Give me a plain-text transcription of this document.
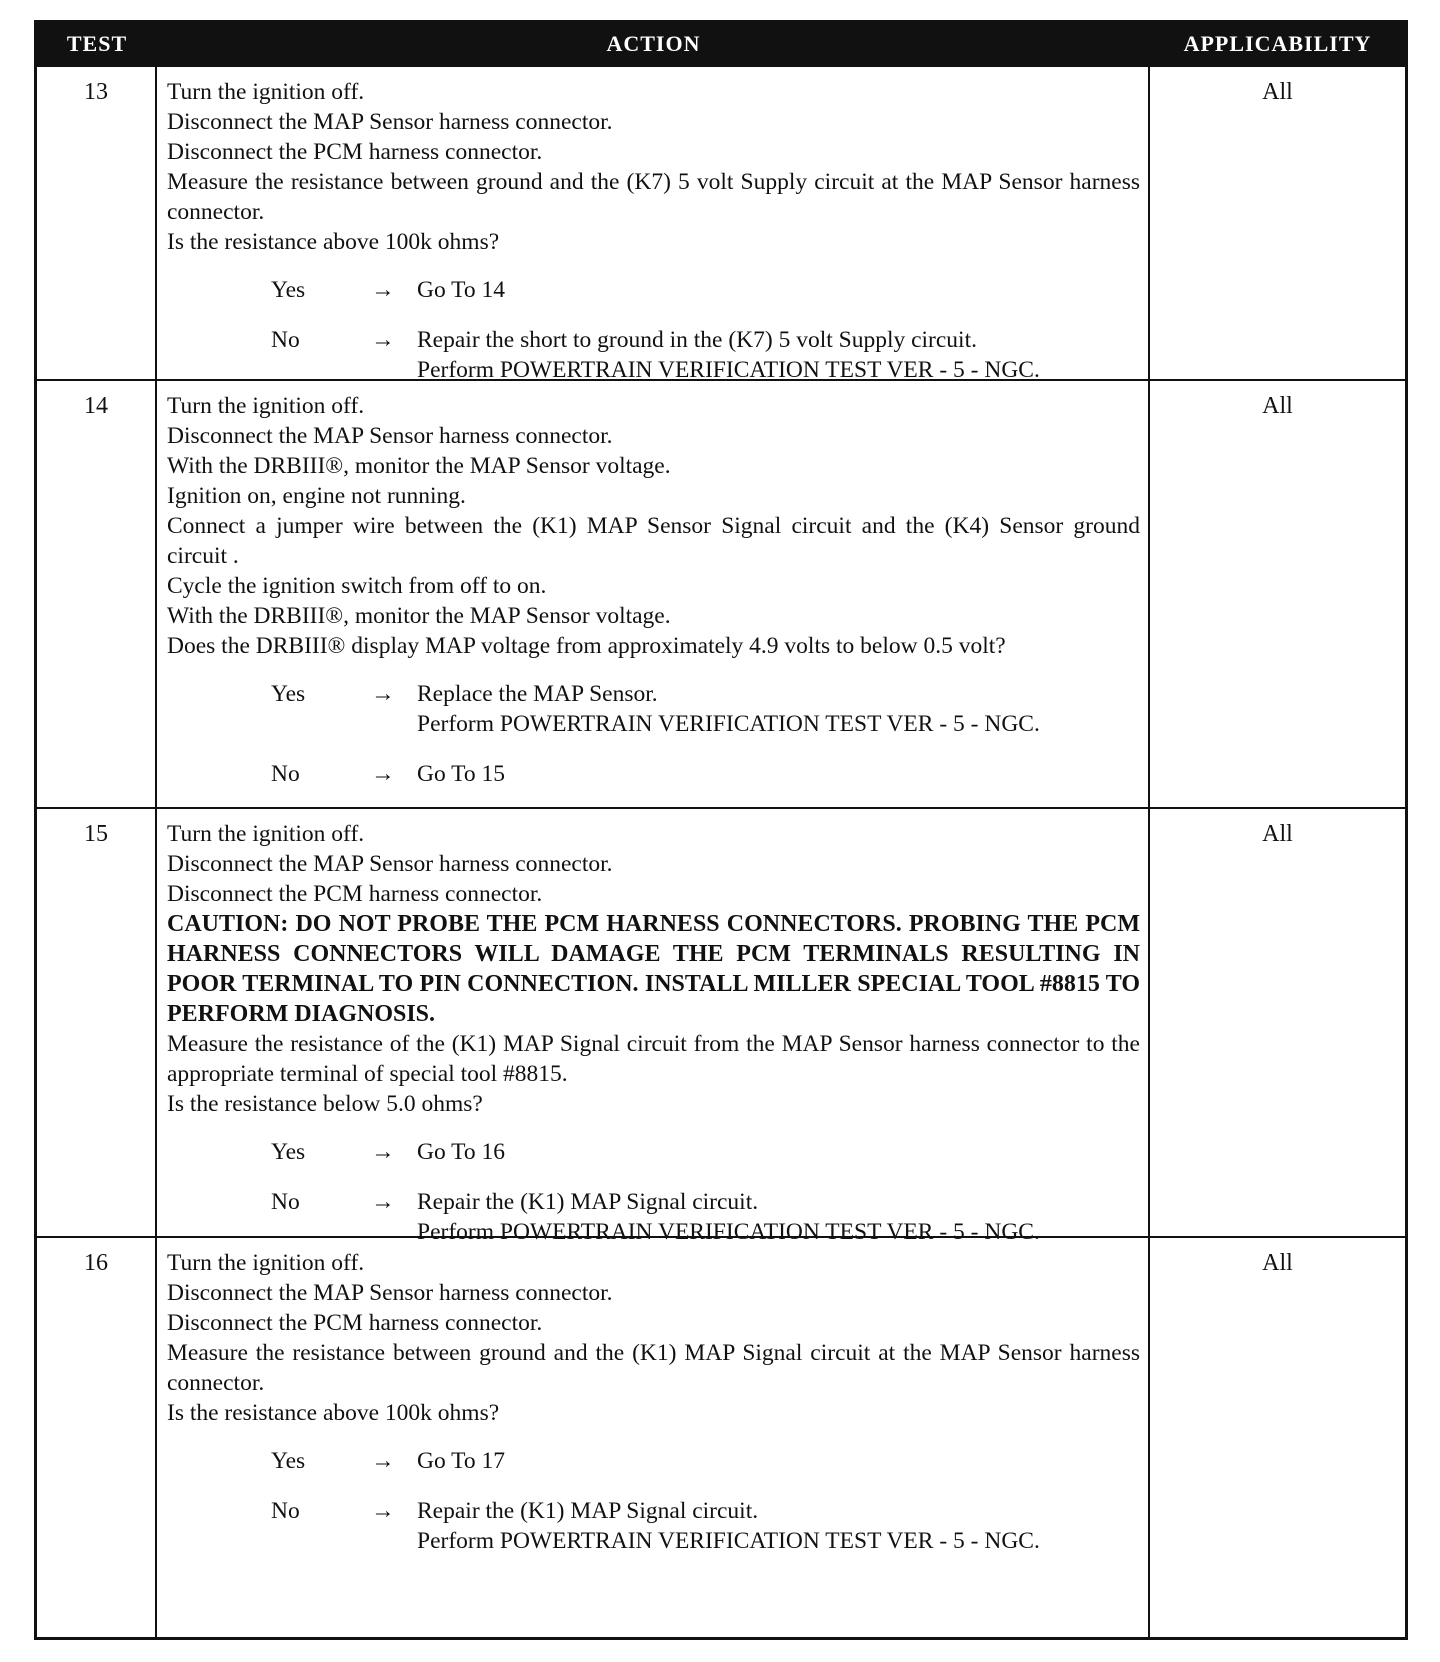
TEST	ACTION	APPLICABILITY
13	Turn the ignition off.
Disconnect the MAP Sensor harness connector.
Disconnect the PCM harness connector.
Measure the resistance between ground and the (K7) 5 volt Supply circuit at the MAP Sensor harness connector.
Is the resistance above 100k ohms?
Yes	→ Go To 14
No	→ Repair the short to ground in the (K7) 5 volt Supply circuit.
Perform POWERTRAIN VERIFICATION TEST VER - 5 - NGC.
All
14	Turn the ignition off.
Disconnect the MAP Sensor harness connector.
With the DRBIII®, monitor the MAP Sensor voltage.
Ignition on, engine not running.
Connect a jumper wire between the (K1) MAP Sensor Signal circuit and the (K4) Sensor ground circuit .
Cycle the ignition switch from off to on.
With the DRBIII®, monitor the MAP Sensor voltage.
Does the DRBIII® display MAP voltage from approximately 4.9 volts to below 0.5 volt?
Yes	→ Replace the MAP Sensor.
Perform POWERTRAIN VERIFICATION TEST VER - 5 - NGC.
No	→ Go To 15
All
15	Turn the ignition off.
Disconnect the MAP Sensor harness connector.
Disconnect the PCM harness connector.
CAUTION: DO NOT PROBE THE PCM HARNESS CONNECTORS. PROBING THE PCM HARNESS CONNECTORS WILL DAMAGE THE PCM TERMINALS RESULTING IN POOR TERMINAL TO PIN CONNECTION. INSTALL MILLER SPECIAL TOOL #8815 TO PERFORM DIAGNOSIS.
Measure the resistance of the (K1) MAP Signal circuit from the MAP Sensor harness connector to the appropriate terminal of special tool #8815.
Is the resistance below 5.0 ohms?
Yes	→ Go To 16
No	→ Repair the (K1) MAP Signal circuit.
Perform POWERTRAIN VERIFICATION TEST VER - 5 - NGC.
All
16	Turn the ignition off.
Disconnect the MAP Sensor harness connector.
Disconnect the PCM harness connector.
Measure the resistance between ground and the (K1) MAP Signal circuit at the MAP Sensor harness connector.
Is the resistance above 100k ohms?
Yes	→ Go To 17
No	→ Repair the (K1) MAP Signal circuit.
Perform POWERTRAIN VERIFICATION TEST VER - 5 - NGC.
All
